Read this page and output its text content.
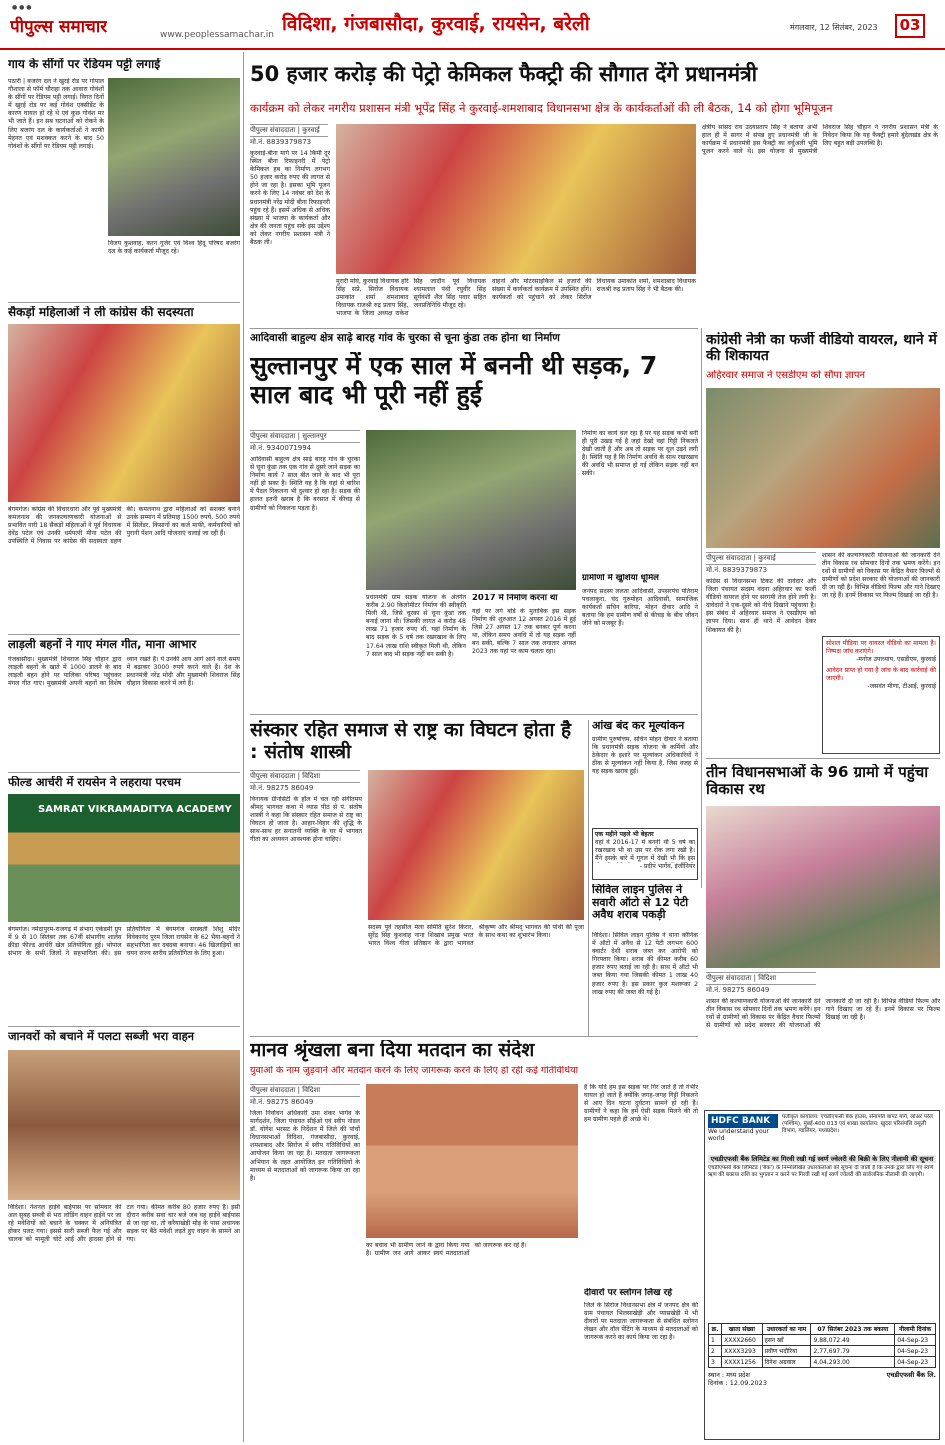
● ● ●
पीपुल्स समाचार	www.peoplessamachar.in विदिशा, गंजबासौदा, कुरवाई, रायसेन, बरेली	मंगलवार, 12 सितंबर, 2023	03
गाय के सींगों पर रेडियम पट्टी लगाई
पठारी | बजरंग दल ने खुरई रोड पर गोपाल गौशाला से फॉर्म चौराहा तक आवारा गोवंशों के सींगों पर रेडियम पट्टी लगाई। विगत दिनों में खुरई रोड पर कई गोवंश एक्सीडेंट के कारण घायल हो रहे थे एवं कुछ गोवंश मर भी जाते हैं। इन सब घटनाओं को रोकने के लिए बजरंग दल के कार्यकर्ताओं ने काफी मेहनत एवं मशक्कत करने के बाद 50 गोवंशों के सींगों पर रेडियम पट्टी लगाई।
विजय कुशवाह, करन गुर्जर एवं विश्व हिंदू परिषद बजरंग दल के कई कार्यकर्ता मौजूद रहे।
सैकड़ों महिलाओं ने ली कांग्रेस की सदस्यता
बेगमगंज। कांग्रेस की विचारधारा और पूर्व मुख्यमंत्री कमलनाथ की जनकल्याणकारी योजनाओं से प्रभावित नारी 18 सैकड़ों महिलाओं ने पूर्व विधायक देवेंद्र पटेल एवं उनकी धर्मपत्नी मीना पटेल की उपस्थिति में निवास पर कांग्रेस की सदस्यता ग्रहण की। कमलनाथ द्वारा महिलाओं को सशक्त बनाने उनके सम्मान में प्रतिमाह 1500 रुपये, 500 रुपये में सिलेंडर, किसानों का कर्ज माफी, कर्मचारियों को पुरानी पेंशन आदि योजनाएं चलाई जा रही हैं।
लाड़ली बहनों ने गाए मंगल गीत, माना आभार
गंजबासौदा। मुख्यमंत्री शिवराज सिंह चौहान द्वारा लाड़ली बहनों के खाते में 1000 डालने के बाद लाड़ली बहन होने पर पालिका परिषद पहुंचकर मंगल गीत गाए। मुख्यमंत्री अपनी बहनों का विशेष ध्यान रखते हैं। ये उनकी आय आगे आने वाले समय में बढ़ाकर 3000 रुपये करने वाले हैं। देश के प्रधानमंत्री नरेंद्र मोदी और मुख्यमंत्री शिवराज सिंह चौहान विकास करने में लगे हैं।
फील्ड आर्चरी में रायसेन ने लहराया परचम
SAMRAT VIKRAMADITYA ACADEMY
बेगमगंज। नर्मदापुरम-राजगढ़ में संभाग एकेडमी ग्रुप में 9 से 10 सितंबर तक 67वीं संभागीय शालेय क्रीड़ा फील्ड आर्चरी खेल प्रतियोगिता हुई। भोपाल संभाग के सभी जिलों ने सहभागिता की। इस प्रतियोगिता में बेगमगंज सरस्वती शिशु मंदिर विवेकानंद पुरम जिला रायसेन के 62 भैया-बहनों ने सहभागिता कर दबदबा बनाया। 46 खिलाड़ियों का चयन राज्य स्तरीय प्रतियोगिता के लिए हुआ।
जानवरों को बचाने में पलटा सब्जी भरा वाहन
विदिशा। नेशनल हाईवे बाईपास पर सोमवार की अल सुबह सब्जी से भरा लोडिंग वाहन हाईवे पर जा रहे मवेशियों को बचाने के चक्कर में अनियंत्रित होकर पलट गया। इससे सारी सब्जी फैल गई और चालक को मामूली चोटें आईं और हादसा होने से टल गया। कीमत करीब 80 हजार रुपए है। इसी दौरान करीब सवा चार बजे जब वह हाईवे बाईपास से जा रहा था, तो करैयाखेड़ी मोड़ के पास अचानक सड़क पर बैठे मवेशी लड़ते हुए वाहन के सामने आ गए।
50 हजार करोड़ की पेट्रो केमिकल फैक्ट्री की सौगात देंगे प्रधानमंत्री
कार्यक्रम को लेकर नगरीय प्रशासन मंत्री भूपेंद्र सिंह ने कुरवाई-शमशाबाद विधानसभा क्षेत्र के कार्यकर्ताओं की ली बैठक, 14 को होगा भूमिपूजन
पीपुल्स संवाददाता | कुरवाई
मो.नं. 8839379873
कुरवाई-बीना मार्ग पर 14 किमी दूर स्थित बीना रिफाइनरी में पेट्रो केमिकल हब का निर्माण लगभग 50 हजार करोड़ रुपए की लागत से होने जा रहा है। इसका भूमि पूजन करने के लिए 14 नवंबर को देश के प्रधानमंत्री नरेंद्र मोदी बीना रिफाइनरी पहुंच रहे हैं। इसमें अधिक से अधिक संख्या में भाजपा के कार्यकर्ता और क्षेत्र की जनता पहुंच सके इस उद्देश्य को लेकर नगरीय प्रशासन मंत्री ने बैठक ली।
मुरारी मोघे, कुरवाई विधायक हरि सिंह सप्रे, सिरोंज विधायक उमाकांत शर्मा शमशाबाद विधायक राजश्री रुद्र प्रताप सिंह, भाजपा के जिला अध्यक्ष राकेश सिंह जादौन पूर्व विधायक श्यामलाल पंथी रघुवीर सिंह सूर्यवंशी शैल सिंह पवार सहित जनप्रतिनिधि मौजूद रहे।
वाहनों और मोटरसाइकिल से हजारों की संख्या में कार्यकर्ता कार्यक्रम में उपस्थित होंगे। कार्यकर्ता को पहुंचाने को लेकर सिरोंज विधायक उमाकांत शर्मा, शमशाबाद विधायक राजश्री रुद्र प्रताप सिंह ने भी बैठक की।
क्षेत्रीय सांसद राव उदयप्रताप सिंह ने बताया अभी हाल ही में सागर में संपन्न हुए प्रधानमंत्री जी के कार्यक्रम में प्रधानमंत्री इस फैक्ट्री का वर्चुअली भूमि पूजन करने वाले थे। इस योजना से मुख्यमंत्री शिवराज सिंह चौहान ने नगरीय प्रशासन मंत्री के निवेदन किया कि यह फैक्ट्री हमारे बुंदेलखंड क्षेत्र के लिए बहुत बड़ी उपलब्धि है।
आदिवासी बाहुल्य क्षेत्र साढ़े बारह गांव के चुरका से चूना कुंडा तक होना था निर्माण
सुल्तानपुर में एक साल में बननी थी सड़क, 7 साल बाद भी पूरी नहीं हुई
पीपुल्स संवाददाता | सुल्तानपुर
मो.नं. 9340071994
आदिवासी बाहुल्य क्षेत्र साढ़े बारह गांव के चुरका से चूना कुंडा तक एक गांव से दूसरे जाने सड़क का निर्माण कार्य 7 साल बीत जाने के बाद भी पूरा नहीं हो सका है। स्थिति यह है कि यहां से बारिश में पैदल निकलना भी दुश्वार हो रहा है। सड़क की हालत इतनी खराब है कि बरसात में कीचड़ से ग्रामीणों को निकलना पड़ता है।
प्रधानमंत्री ग्राम सड़क योजना के अंतर्गत करीब 2.90 किलोमीटर निर्माण की स्वीकृति मिली थी, जिसे चुरका से चूना कुंडा तक बनाई जाना थी। जिसकी लागत 4 करोड़ 48 लाख 71 हजार रुपए थी, यहां निर्माण के बाद सड़क के 5 वर्ष तक रखरखाव के लिए 17.64 लाख राशि स्वीकृत मिली थी, लेकिन 7 साल बाद भी सड़क नहीं बन सकी है।
2017 में निर्माण करना था
यहां पर लगे बोर्ड के मुताबिक इस सड़क निर्माण की शुरुआत 12 अगस्त 2016 में हुई जिसे 27 अगस्त 17 तक बनकर पूर्ण करना था, लेकिन समय अवधि में तो यह सड़क नहीं बन सकी, बल्कि 7 साल तक लगातार अगस्त 2023 तक यहां पर काम चलता रहा।
निर्माण का कार्य चल रहा है पर यह सड़क कभी बनी ही पूरी उखड़ गई है जहां देखो वहां गिट्टी निकलते देखी जाती है और अब तो सड़क पर धूल उड़ने लगी है। स्थिति यह है कि निर्माण अवधि के साथ रखरखाव की अवधि भी समाप्त हो गई लेकिन सड़क नहीं बन सकी।
ग्रामीणों में खुशियां धूमिल
जनपद सदस्य ललता आदिवासी, उपसरपंच पतिराम पचलाकुरा, चंद गुरुमोहन आदिवासी, सामाजिक कार्यकर्ता सचिन बारिया, मोहन दीवार आदि ने बताया कि हम ग्रामीण वर्षों से कीचड़ के बीच जीवन जीने को मजबूर हैं।
कांग्रेसी नेत्री का फर्जी वीडियो वायरल, थाने में की शिकायत
अहिरवार समाज ने एसडीएम को सौंपा ज्ञापन
पीपुल्स संवाददाता | कुरवाई
मो.नं. 8839379873
कांग्रेस से विधानसभा टिकट की दावेदार और जिला पंचायत सदस्य वंदना अहिरवार का फर्जी वीडियो वायरल होने पर सरगमी तेज होने लगी है। दावेदारों ने एक-दूसरे को नीचे दिखाने पहुंचाया है। इस संबंध में अहिरवार समाज ने एसडीएम को ज्ञापन दिया। साथ ही थाने में आवेदन देकर शिकायत की है।
शासन की कल्याणकारी योजनाओं की जानकारी देने तीन विकास रथ सोमवार दिनों तक भ्रमण करेंगे। इन रथों से ग्रामीणों को विकास पर केंद्रित वैचार फिल्मों से ग्रामीणों को प्रदेश सरकार की योजनाओं की जानकारी दी जा रही है। विभिन्न वीडियो फिल्म और गाने दिखाए जा रहे हैं। इनमें विकास पर फिल्म दिखाई जा रही है।
सोशल मीडिया पर वायरल वीडियो का मामला है। निष्पक्ष जांच कराएंगे।
-मनोज उपाध्याय, एसडीएम, कुरवाई
आवेदन प्राप्त हो गया है जांच के बाद कार्रवाई की जाएगी।
-जसवंत मीणा, टीआई, कुरवाई
तीन विधानसभाओं के 96 ग्रामो में पहुंचा विकास रथ
पीपुल्स संवाददाता | विदिशा
मो.नं. 98275 86049
शासन की कल्याणकारी योजनाओं की जानकारी देने तीन विकास रथ सोमवार दिनों तक भ्रमण करेंगे। इन रथों से ग्रामीणों को विकास पर केंद्रित वैचार फिल्मों से ग्रामीणों को प्रदेश सरकार की योजनाओं की जानकारी दी जा रही है। विभिन्न वीडियो फिल्म और गाने दिखाए जा रहे हैं। इनमें विकास पर फिल्म दिखाई जा रही है।
संस्कार रहित समाज से राष्ट्र का विघटन होता है : संतोष शास्त्री
पीपुल्स संवाददाता | विदिशा
मो.नं. 98275 86049
विनायक ग्रीनसिटी के हॉल में चल रही संगीतमय श्रीमद् भागवत कथा में व्यास पीठ से पं. संतोष शास्त्री ने कहा कि संस्कार रहित समाज से राष्ट्र का विघटन हो जाता है। आहार-विहार की शुद्धि के साथ-साथ हर सनातनी व्यक्ति के घर में भागवत गीता का अध्ययन आवश्यक होना चाहिए।
सदस्य पूर्व तहसील मेला समिति सुरेश किरार, सुरेंद्र सिंह कुशवाह नाना शिखाब प्रमुख भरत भारत विश्व गीता प्रतिष्ठान के द्वारा भागवत श्रीकृष्ण और श्रीमद् भागवत की पोथी की पूजा के साथ कथा का शुभारंभ किया।
आंख बंद कर मूल्यांकन
सिविल लाइन पुलिस ने सवारी ऑटो से 12 पेटी अवैध शराब पकड़ी
ग्रामीण पुरुषोत्तम, सचिन मोहन दीवार ने बताया कि प्रधानमंत्री सड़क योजना के कर्मियों और ठेकेदार के इशारे पर मूल्यांकन अधिकारियों ने ठीक से मूल्यांकन नहीं किया है, जिस वजह से यह सड़क खराब हुई।
एक महीने पहले भी बेहतर
वहां वे 2016-17 में बननी थी 5 वर्ष का रखरखाव भी था उस पर रोक लगा रखी है। मैंने इसके बारे में गूगल में देखी भी कि इस
- प्रदीप भार्गव, इंजीनियर
विदिशा। सिविल लाइन पुलिस ने थाना कौनिक में ऑटो में अवैध से 12 पेटी लगभग 600 क्वार्टर देशी शराब जब्त कर आरोपी को गिरफ्तार किया। शराब की कीमत करीब 60 हजार रुपए बताई जा रही है। साथ में ऑटो भी जब्त किया गया जिसकी कीमत 1 लाख 40 हजार रुपए है। इस प्रकार कुल मशरूका 2 लाख रुपए की जब्त की गई है।
मानव श्रृंखला बना दिया मतदान का संदेश
युवाओं के नाम जुड़वाने और मतदान करने के लिए जागरूक करने के लिए हो रहीं कई गतिविधियां
पीपुल्स संवाददाता | विदिशा
मो.नं. 98275 86049
जिला निर्वाचन अधिकारी उमा शंकर भार्गव के मार्गदर्शन, जिला पंचायत सीईओ एवं स्वीप नोडल डॉ. योगेश भरसट के निर्देशन में जिले की पांचों विधानसभाओं विदिशा, गंजबासौदा, कुरवाई, शमशाबाद और सिरोंज में स्वीप गतिविधियों का आयोजन किया जा रहा है। मतदाता जागरूकता अभियान के तहत आयोजित इन गतिविधियों के माध्यम से मतदाताओं को जागरूक किया जा रहा है।
का बचाव भी ग्रामीण जानें के द्वारा किया गया है। ग्रामीण जन आगे आकर स्वयं मतदाताओं को जागरूक कर रहे हैं।
दीवारों पर स्लोगन लिख रहे
जिले के सिरोंज विधानसभा क्षेत्र में जनपद क्षेत्र की ग्राम पंचायत भिलसाखेड़ी और प्यासखेड़ी में भी दीवारों पर मतदाता जागरूकता से संबंधित स्लोगन लेखन और वॉल पेंटिंग के माध्यम से मतदाताओं को जागरूक करने का कार्य किया जा रहा है।
है कि यदि हम इस सड़क पर गिर जाते हैं तो गंभीर घायल हो जाते हैं क्योंकि जगह-जगह गिट्टी निकलने से आए दिन घटना दुर्घटना सामने हो रही है। ग्रामीणों ने कहा कि हमें ऐसी सड़क मिलने की तो हम ग्रामीण पहले ही अच्छे थे।	HDFC BANK
We understand your world
पंजीकृत कार्यालय: एचडीएफसी बैंक हाउस, सेनापति बापट मार्ग, लोअर परेल (पश्चिम), मुंबई-400 013 एवं शाखा कार्यालय: खुदरा परिसंपत्ति वसूली विभाग, ग्वालियर, मध्यप्रदेश।
एचडीएफसी बैंक लिमिटेड का गिरवी रखी गई स्वर्ण ज्वेलरी की बिक्री के लिए नीलामी की सूचना
एचडीएफसी बैंक लिमिटेड ('बैंक') के निम्नलिखित उधारकर्ताओं को सूचना दी जाती है कि उनके द्वारा लिए गए स्वर्ण ऋण की बकाया राशि का भुगतान न करने पर गिरवी रखी गई स्वर्ण ज्वेलरी की सार्वजनिक नीलामी की जाएगी।
क्र.	खाता संख्या	उधारकर्ता का नाम	07 सितंबर 2023 तक बकाया	नीलामी दिनांक
1	XXXX2660	हसन खाँ	9,88,072.49	04-Sep-23
2	XXXX3293	प्रवीण भदौरिया	2,77,697.79	04-Sep-23
3	XXXX1256	दिनेश अग्रवाल	4,04,293.00	04-Sep-23
स्थान : मध्य प्रदेश
दिनांक : 12.09.2023
एचडीएफसी बैंक लि.
